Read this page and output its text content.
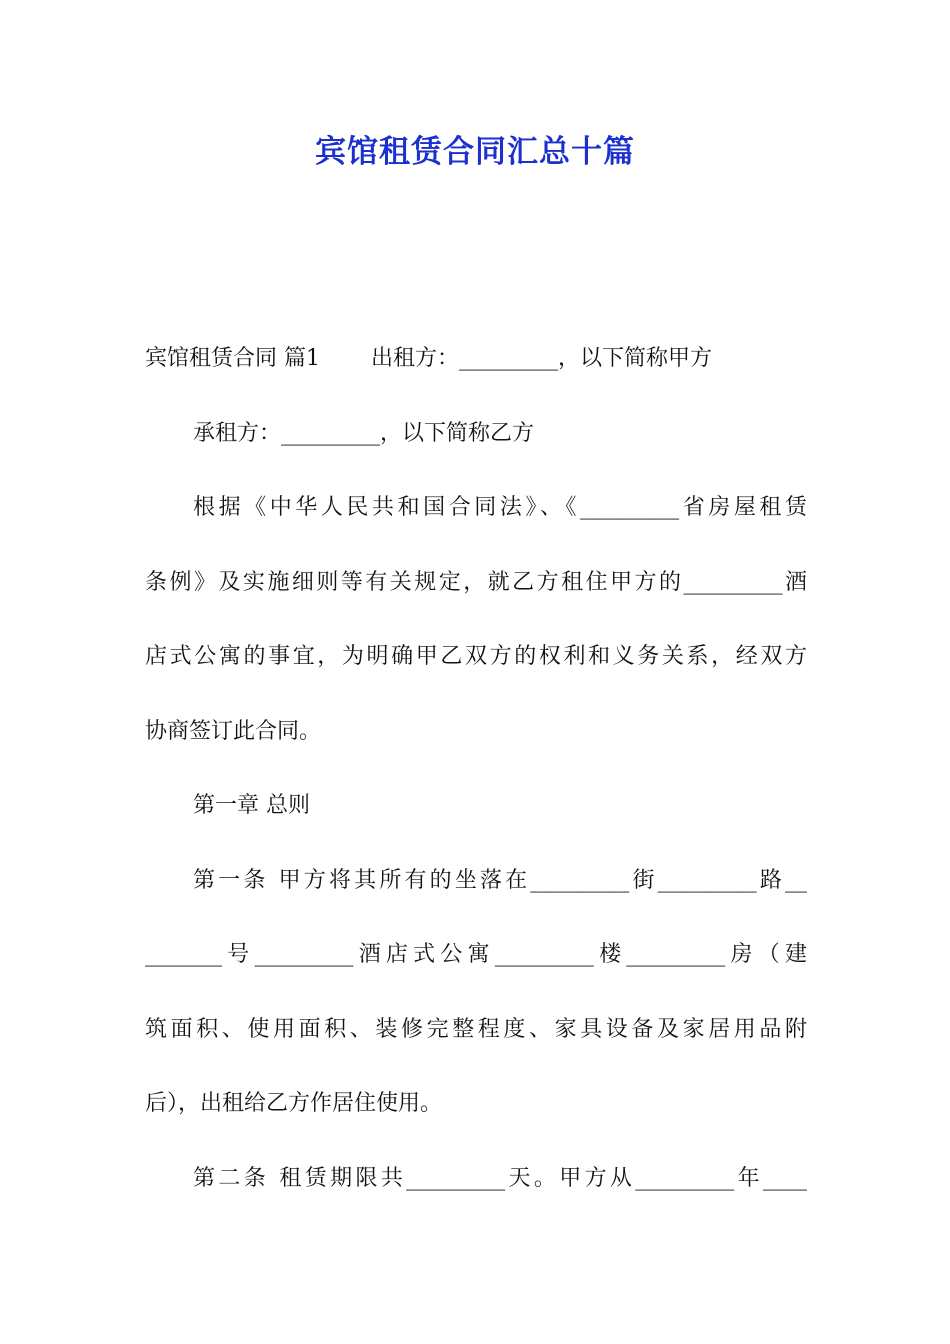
宾馆租赁合同汇总十篇
宾馆租赁合同 篇1 　　出租方：_________，以下简称甲方
承租方：_________，以下简称乙方
根据《中华人民共和国合同法》、《_________省房屋租赁
条例》及实施细则等有关规定，就乙方租住甲方的_________酒
店式公寓的事宜，为明确甲乙双方的权利和义务关系，经双方
协商签订此合同。
第一章 总则
第一条 甲方将其所有的坐落在_________街_________路__
_______号_________酒店式公寓_________楼_________房（建
筑面积、使用面积、装修完整程度、家具设备及家居用品附
后），出租给乙方作居住使用。
第二条 租赁期限共_________天。甲方从_________年____
